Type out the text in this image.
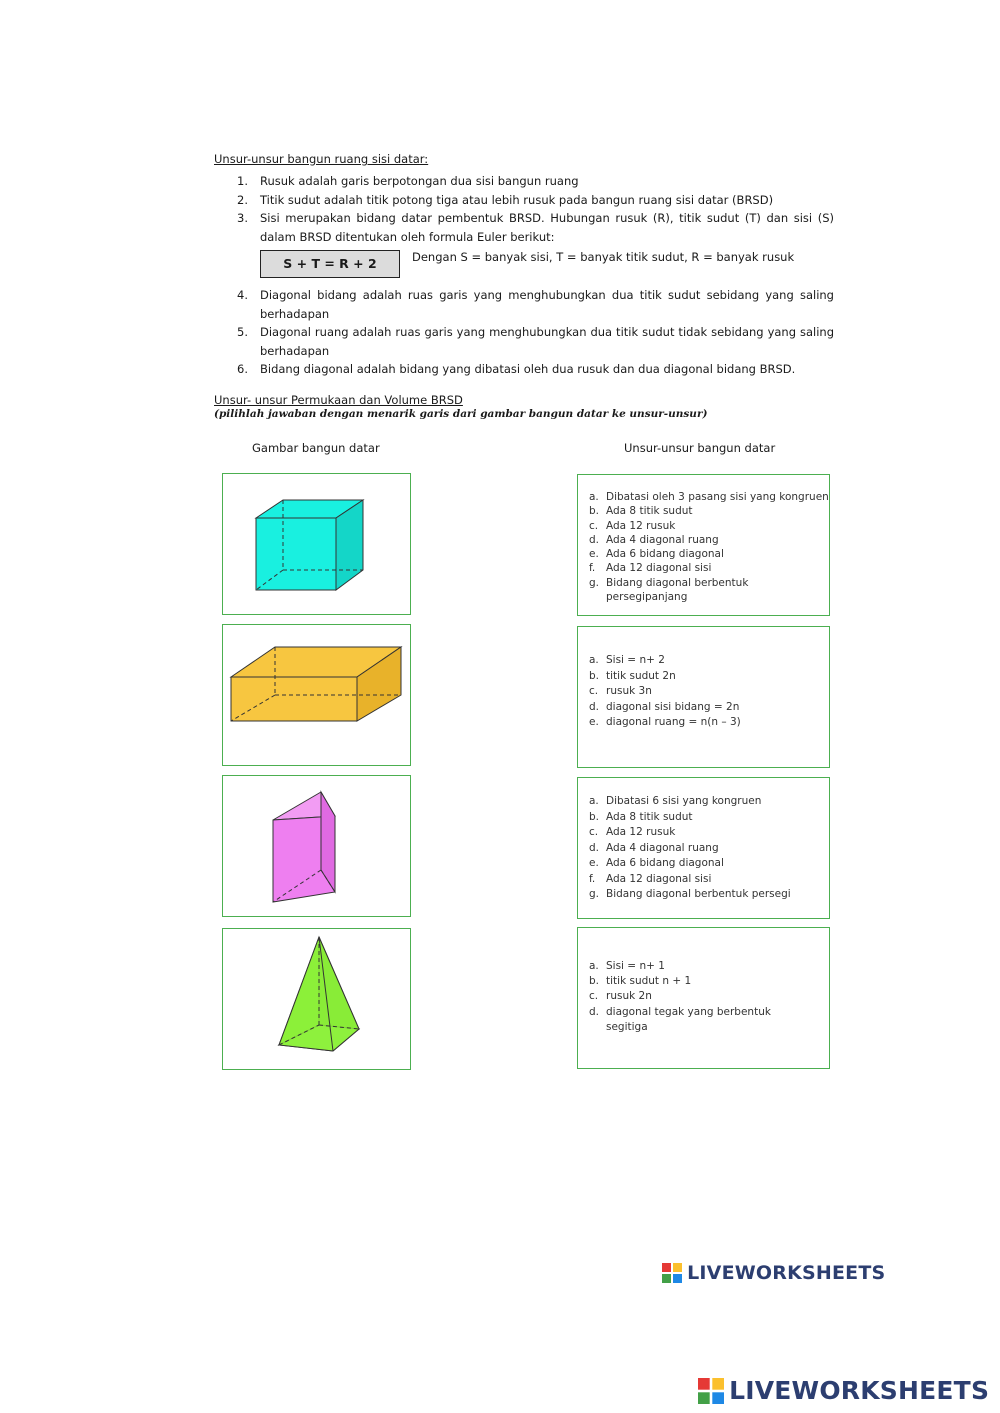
Unsur-unsur bangun ruang sisi datar:
1. Rusuk adalah garis berpotongan dua sisi bangun ruang
2. Titik sudut adalah titik potong tiga atau lebih rusuk pada bangun ruang sisi datar (BRSD)
3. Sisi merupakan bidang datar pembentuk BRSD. Hubungan rusuk (R), titik sudut (T) dan sisi (S) dalam BRSD ditentukan oleh formula Euler berikut:
S + T = R + 2	Dengan S = banyak sisi, T = banyak titik sudut, R = banyak rusuk
4. Diagonal bidang adalah ruas garis yang menghubungkan dua titik sudut sebidang yang saling berhadapan
5. Diagonal ruang adalah ruas garis yang menghubungkan dua titik sudut tidak sebidang yang saling berhadapan
6. Bidang diagonal adalah bidang yang dibatasi oleh dua rusuk dan dua diagonal bidang BRSD.
Unsur- unsur Permukaan dan Volume BRSD
(pilihlah jawaban dengan menarik garis dari gambar bangun datar ke unsur-unsur)
Gambar bangun datar	Unsur-unsur bangun datar
a. Dibatasi oleh 3 pasang sisi yang kongruen
b. Ada 8 titik sudut
c. Ada 12 rusuk
d. Ada 4 diagonal ruang
e. Ada 6 bidang diagonal
f. Ada 12 diagonal sisi
g. Bidang diagonal berbentuk persegipanjang
a. Sisi = n+ 2
b. titik sudut 2n
c. rusuk 3n
d. diagonal sisi bidang = 2n
e. diagonal ruang = n(n – 3)
a. Dibatasi 6 sisi yang kongruen
b. Ada 8 titik sudut
c. Ada 12 rusuk
d. Ada 4 diagonal ruang
e. Ada 6 bidang diagonal
f. Ada 12 diagonal sisi
g. Bidang diagonal berbentuk persegi
a. Sisi = n+ 1
b. titik sudut n + 1
c. rusuk 2n
d. diagonal tegak yang berbentuk segitiga
LIVEWORKSHEETS
LIVEWORKSHEETS
